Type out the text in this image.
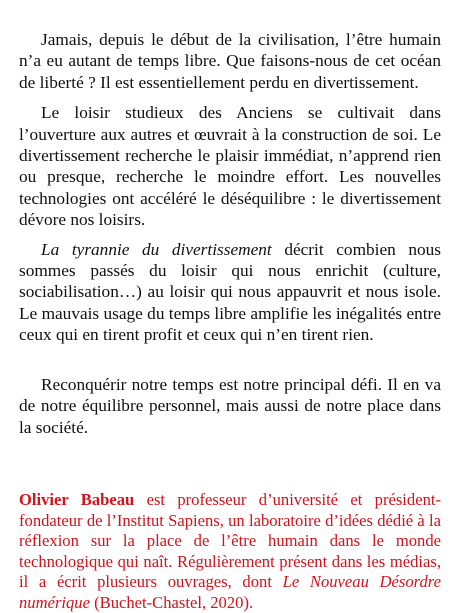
Jamais, depuis le début de la civilisation, l’être humain n’a eu autant de temps libre. Que faisons-nous de cet océan de liberté ? Il est essentiellement perdu en divertissement.

Le loisir studieux des Anciens se cultivait dans l’ouverture aux autres et œuvrait à la construction de soi. Le divertissement recherche le plaisir immédiat, n’apprend rien ou presque, recherche le moindre effort. Les nouvelles technologies ont accéléré le déséquilibre : le divertissement dévore nos loisirs.

La tyrannie du divertissement décrit combien nous sommes passés du loisir qui nous enrichit (culture, sociabilisation…) au loisir qui nous appauvrit et nous isole. Le mauvais usage du temps libre amplifie les inégalités entre ceux qui en tirent profit et ceux qui n’en tirent rien.

Reconquérir notre temps est notre principal défi. Il en va de notre équilibre personnel, mais aussi de notre place dans la société.

Olivier Babeau est professeur d’université et président-fondateur de l’Institut Sapiens, un laboratoire d’idées dédié à la réflexion sur la place de l’être humain dans le monde technologique qui naît. Régulièrement présent dans les médias, il a écrit plusieurs ouvrages, dont Le Nouveau Désordre numérique (Buchet-Chastel, 2020).
